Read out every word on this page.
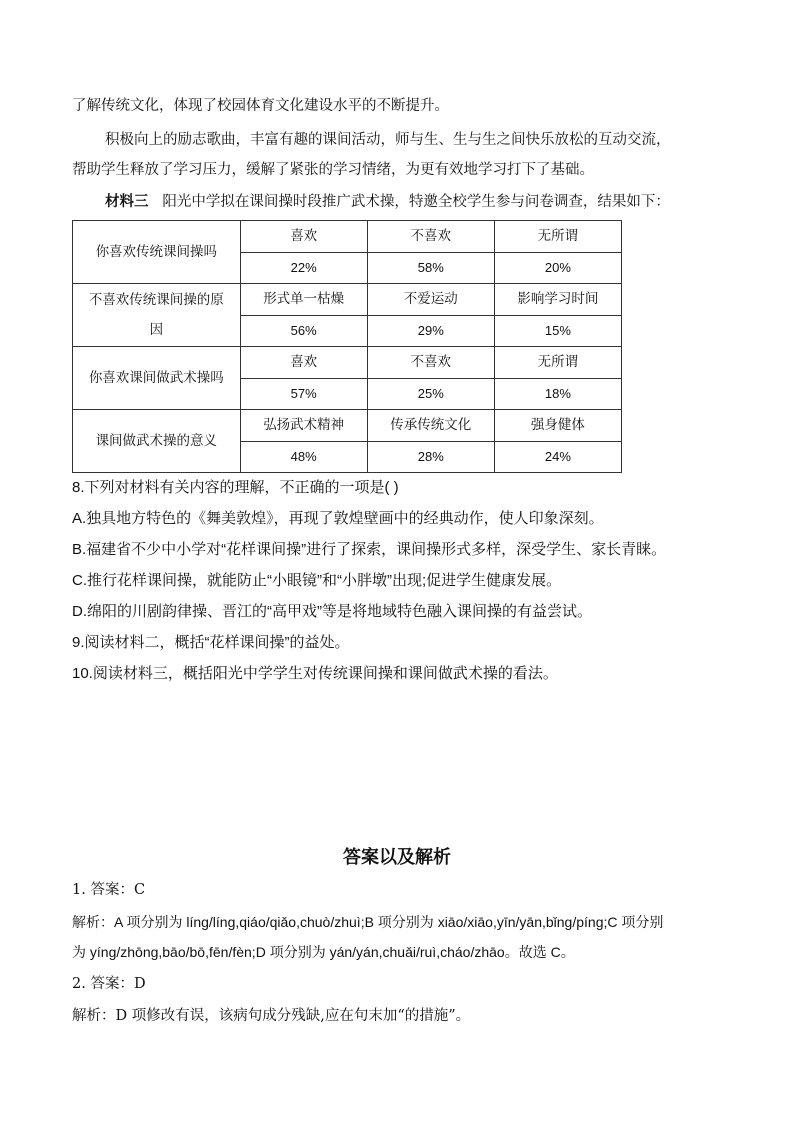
了解传统文化，体现了校园体育文化建设水平的不断提升。
积极向上的励志歌曲，丰富有趣的课间活动，师与生、生与生之间快乐放松的互动交流，
帮助学生释放了学习压力，缓解了紧张的学习情绪，为更有效地学习打下了基础。
材料三 阳光中学拟在课间操时段推广武术操，特邀全校学生参与问卷调查，结果如下：
你喜欢传统课间操吗	喜欢	不喜欢	无所谓
	22%	58%	20%

不喜欢传统课间操的原
因	形式单一枯燥	不爱运动	影响学习时间
	56%	29%	15%
你喜欢课间做武术操吗	喜欢	不喜欢	无所谓
	57%	25%	18%
课间做武术操的意义	弘扬武术精神	传承传统文化	强身健体
	48%	28%	24%
8.下列对材料有关内容的理解，不正确的一项是( )
A.独具地方特色的《舞美敦煌》，再现了敦煌壁画中的经典动作，使人印象深刻。
B.福建省不少中小学对“花样课间操”进行了探索，课间操形式多样，深受学生、家长青睐。
C.推行花样课间操，就能防止“小眼镜”和“小胖墩”出现;促进学生健康发展。
D.绵阳的川剧韵律操、晋江的“高甲戏”等是将地域特色融入课间操的有益尝试。
9.阅读材料二，概括“花样课间操”的益处。
10.阅读材料三，概括阳光中学学生对传统课间操和课间做武术操的看法。
答案以及解析
1. 答案：C
解析：A 项分别为 líng/líng,qiáo/qiǎo,chuò/zhuì;B 项分别为 xiāo/xiāo,yīn/yān,bǐng/píng;C 项分别
为 yíng/zhōng,bāo/bō,fēn/fèn;D 项分别为 yán/yán,chuǎi/ruì,cháo/zhāo。故选 C。
2. 答案：D
解析：D 项修改有误，该病句成分残缺,应在句末加“的措施”。
